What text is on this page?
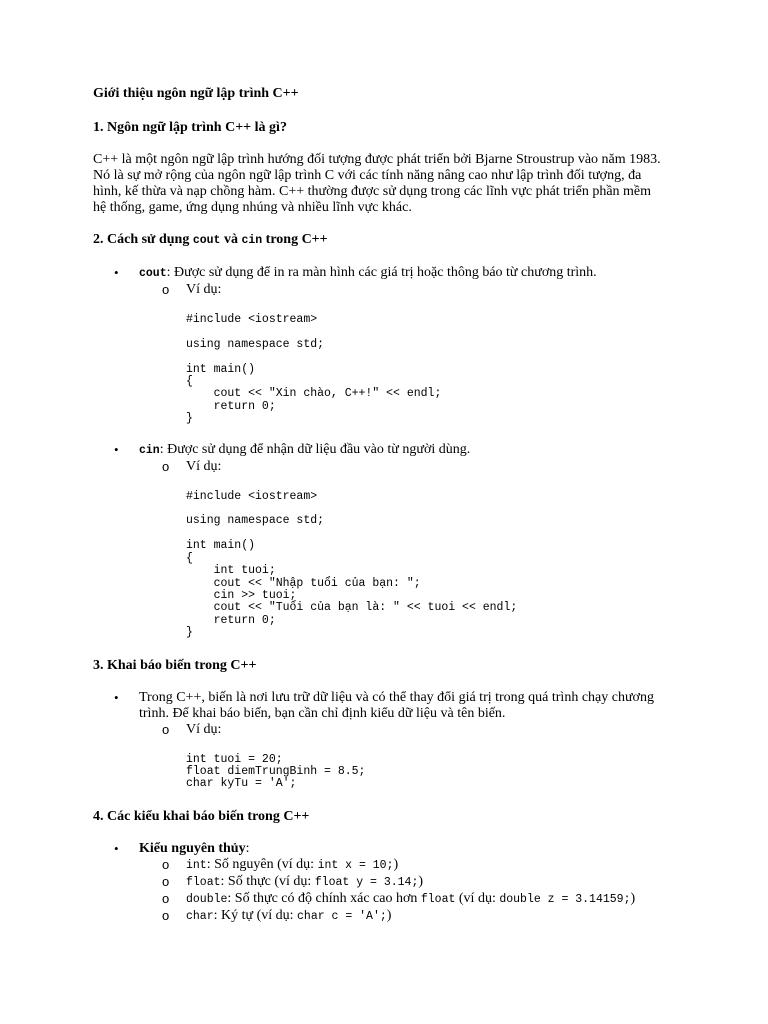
Giới thiệu ngôn ngữ lập trình C++

1. Ngôn ngữ lập trình C++ là gì?

C++ là một ngôn ngữ lập trình hướng đối tượng được phát triển bởi Bjarne Stroustrup vào năm 1983.
Nó là sự mở rộng của ngôn ngữ lập trình C với các tính năng nâng cao như lập trình đối tượng, đa
hình, kế thừa và nạp chồng hàm. C++ thường được sử dụng trong các lĩnh vực phát triển phần mềm
hệ thống, game, ứng dụng nhúng và nhiều lĩnh vực khác.

2. Cách sử dụng cout và cin trong C++

• cout: Được sử dụng để in ra màn hình các giá trị hoặc thông báo từ chương trình.
o Ví dụ:
#include <iostream>

using namespace std;

int main()
{
cout << "Xin chào, C++!" << endl;
return 0;
}
• cin: Được sử dụng để nhận dữ liệu đầu vào từ người dùng.
o Ví dụ:
#include <iostream>

using namespace std;

int main()
{
int tuoi;
cout << "Nhập tuổi của bạn: ";
cin >> tuoi;
cout << "Tuổi của bạn là: " << tuoi << endl;
return 0;
}

3. Khai báo biến trong C++

• Trong C++, biến là nơi lưu trữ dữ liệu và có thể thay đổi giá trị trong quá trình chạy chương
trình. Để khai báo biến, bạn cần chỉ định kiểu dữ liệu và tên biến.
o Ví dụ:
int tuoi = 20;
float diemTrungBinh = 8.5;
char kyTu = 'A';

4. Các kiểu khai báo biến trong C++

• Kiểu nguyên thủy:
o int: Số nguyên (ví dụ: int x = 10;)
o float: Số thực (ví dụ: float y = 3.14;)
o double: Số thực có độ chính xác cao hơn float (ví dụ: double z = 3.14159;)
o char: Ký tự (ví dụ: char c = 'A';)
